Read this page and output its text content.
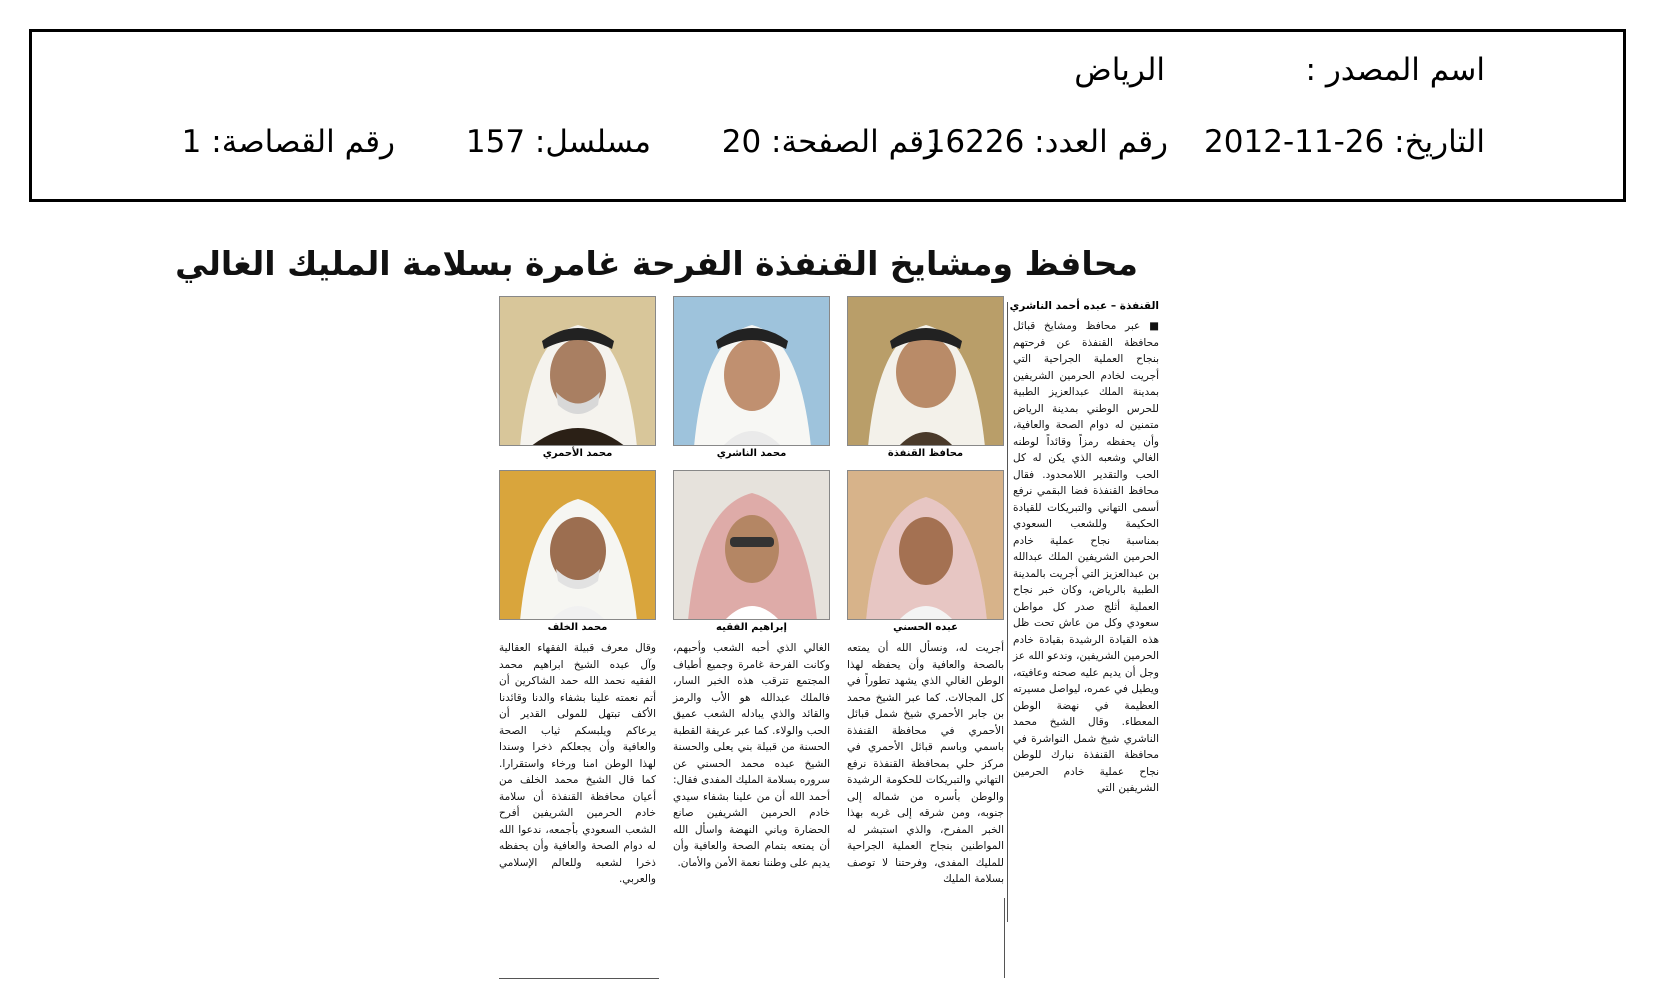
اسم المصدر :
الرياض
التاريخ: 26-11-2012
رقم العدد: 16226
رقم الصفحة: 20
مسلسل: 157
رقم القصاصة: 1
محافظ ومشايخ القنفذة الفرحة غامرة بسلامة المليك الغالي
القنفذة – عبده أحمد الناشري
محافظ القنفذة
محمد الناشري
محمد الأحمري
عبده الحسني
إبراهيم الفقيه
محمد الخلف
■ عبر محافظ ومشايخ قبائل محافظة القنفذة عن فرحتهم بنجاح العملية الجراحية التي أجريت لخادم الحرمين الشريفين بمدينة الملك عبدالعزيز الطبية للحرس الوطني بمدينة الرياض متمنين له دوام الصحة والعافية، وأن يحفظه رمزاً وقائداً لوطنه الغالي وشعبه الذي يكن له كل الحب والتقدير اللامحدود. فقال محافظ القنفذة فضا البقمي نرفع أسمى التهاني والتبريكات للقيادة الحكيمة وللشعب السعودي بمناسبة نجاح عملية خادم الحرمين الشريفين الملك عبدالله بن عبدالعزيز التي أجريت بالمدينة الطبية بالرياض، وكان خبر نجاح العملية أثلج صدر كل مواطن سعودي وكل من عاش تحت ظل هذه القيادة الرشيدة بقيادة خادم الحرمين الشريفين، وندعو الله عز وجل أن يديم عليه صحته وعافيته، ويطيل في عمره، ليواصل مسيرته العظيمة في نهضة الوطن المعطاء. وقال الشيخ محمد الناشري شيخ شمل النواشرة في محافظة القنفذة نبارك للوطن نجاح عملية خادم الحرمين الشريفين التي
أجريت له، ونسأل الله أن يمتعه بالصحة والعافية وأن يحفظه لهذا الوطن الغالي الذي يشهد تطوراً في كل المجالات. كما عبر الشيخ محمد بن جابر الأحمري شيخ شمل قبائل الأحمري في محافظة القنفذة باسمي وباسم قبائل الأحمري في مركز حلي بمحافظة القنفذة نرفع التهاني والتبريكات للحكومة الرشيدة والوطن بأسره من شماله إلى جنوبه، ومن شرقه إلى غربه بهذا الخبر المفرح، والذي استبشر له المواطنين بنجاح العملية الجراحية للمليك المفدى، وفرحتنا لا توصف بسلامة المليك
الغالي الذي أحبه الشعب وأحبهم، وكانت الفرحة غامرة وجميع أطياف المجتمع تترقب هذه الخبر السار، فالملك عبدالله هو الأب والرمز والقائد والذي يبادله الشعب عميق الحب والولاء. كما عبر عريفة القطبة الحسنة من قبيلة بني يعلى والحسنة الشيخ عبده محمد الحسني عن سروره بسلامة المليك المفدى فقال: أحمد الله أن من علينا بشفاء سيدي خادم الحرمين الشريفين صانع الحضارة وباني النهضة واسأل الله أن يمتعه بتمام الصحة والعافية وأن يديم على وطننا نعمة الأمن والأمان.
وقال معرف قبيلة الفقهاء العقالية وآل عبده الشيخ ابراهيم محمد الفقيه نحمد الله حمد الشاكرين أن أتم نعمته علينا بشفاء والدنا وقائدنا الأكف تبتهل للمولى القدير أن يرعاكم ويلبسكم ثياب الصحة والعافية وأن يجعلكم ذخرا وسندا لهذا الوطن امنا ورخاء واستقرارا. كما قال الشيخ محمد الخلف من أعيان محافظة القنفذة أن سلامة خادم الحرمين الشريفين أفرح الشعب السعودي بأجمعه، ندعوا الله له دوام الصحة والعافية وأن يحفظه ذخرا لشعبه وللعالم الإسلامي والعربي.
